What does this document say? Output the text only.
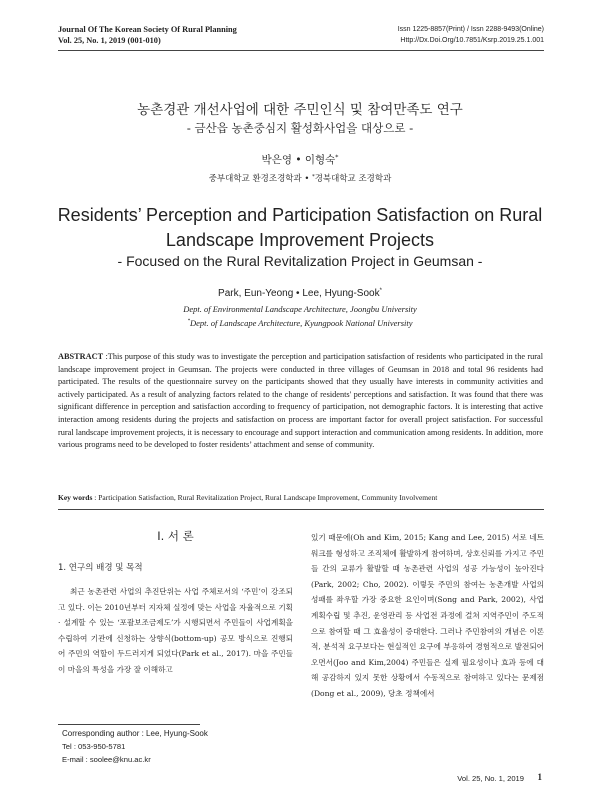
Journal Of The Korean Society Of Rural Planning
Vol. 25, No. 1, 2019 (001-010)
Issn 1225-8857(Print) / Issn 2288-9493(Online)
Http://Dx.Doi.Org/10.7851/Ksrp.2019.25.1.001
농촌경관 개선사업에 대한 주민인식 및 참여만족도 연구
- 금산읍 농촌중심지 활성화사업을 대상으로 -
박은영 • 이형숙*
중부대학교 환경조경학과 • *경북대학교 조경학과
Residents’ Perception and Participation Satisfaction on Rural
Landscape Improvement Projects
- Focused on the Rural Revitalization Project in Geumsan -
Park, Eun-Yeong • Lee, Hyung-Sook*
Dept. of Environmental Landscape Architecture, Joongbu University
*Dept. of Landscape Architecture, Kyungpook National University

ABSTRACT :This purpose of this study was to investigate the perception and participation satisfaction of residents who participated in the rural landscape improvement project in Geumsan. The projects were conducted in three villages of Geumsan in 2018 and total 96 residents had participated. The results of the questionnaire survey on the participants showed that they usually have interests in community activities and actively participated. As a result of analyzing factors related to the change of residents' perceptions and satisfaction. It was found that there was significant difference in perception and satisfaction according to frequency of participation, not demographic factors. It is interesting that active interaction among residents during the projects and satisfaction on process are important factor for overall project satisfaction. For successful rural landscape improvement projects, it is necessary to encourage and support interaction and communication among residents. In addition, more various programs need to be developed to foster residents’ attachment and sense of community.

Key words : Participation Satisfaction, Rural Revitalization Project, Rural Landscape Improvement, Community Involvement

Ⅰ. 서 론
1. 연구의 배경 및 목적

최근 농촌관련 사업의 추진단위는 사업 주체로서의 ‘주민’이 강조되고 있다. 이는 2010년부터 지자체 실정에 맞는 사업을 자율적으로 기획 · 설계할 수 있는 ‘포괄보조금제도’가 시행되면서 주민들이 사업계획을 수립하여 기관에 신청하는 상향식(bottom-up) 공모 방식으로 진행되어 주민의 역할이 두드러지게 되었다(Park et al., 2017). 마을 주민들이 마을의 특성을 가장 잘 이해하고

있기 때문에(Oh and Kim, 2015; Kang and Lee, 2015) 서로 네트워크를 형성하고 조직체에 활발하게 참여하며, 상호신뢰를 가지고 주민들 간의 교류가 활발할 때 농촌관련 사업의 성공 가능성이 높아진다(Park, 2002; Cho, 2002). 이렇듯 주민의 참여는 농촌개발 사업의 성패를 좌우할 가장 중요한 요인이며(Song and Park, 2002), 사업 계획수립 및 추진, 운영관리 등 사업전 과정에 걸쳐 지역주민이 주도적으로 참여할 때 그 효율성이 증대한다. 그러나 주민참여의 개념은 이론적, 분석적 요구보다는 현실적인 요구에 부응하여 경험적으로 발전되어 오면서(Joo and Kim,2004) 주민들은 실제 필요성이나 효과 등에 대해 공감하지 있지 못한 상황에서 수동적으로 참여하고 있다는 문제점(Dong et al., 2009), 당초 정책에서

Corresponding author : Lee, Hyung-Sook
Tel : 053-950-5781
E-mail : soolee@knu.ac.kr
Vol. 25, No. 1, 2019 1
